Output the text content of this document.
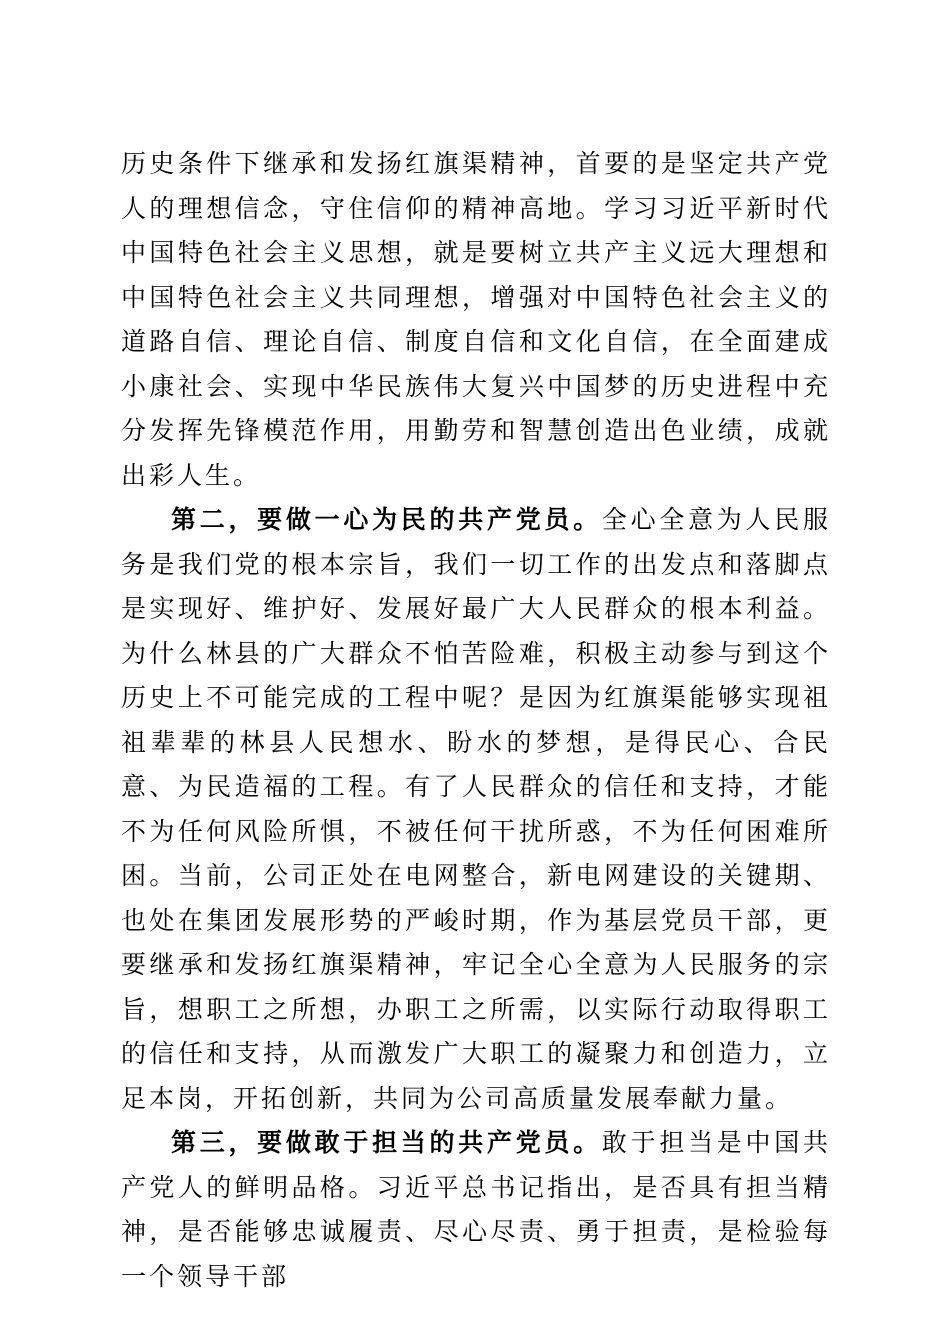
历史条件下继承和发扬红旗渠精神，首要的是坚定共产党人的理想信念，守住信仰的精神高地。学习习近平新时代中国特色社会主义思想，就是要树立共产主义远大理想和中国特色社会主义共同理想，增强对中国特色社会主义的道路自信、理论自信、制度自信和文化自信，在全面建成小康社会、实现中华民族伟大复兴中国梦的历史进程中充分发挥先锋模范作用，用勤劳和智慧创造出色业绩，成就出彩人生。

第二，要做一心为民的共产党员。全心全意为人民服务是我们党的根本宗旨，我们一切工作的出发点和落脚点是实现好、维护好、发展好最广大人民群众的根本利益。为什么林县的广大群众不怕苦险难，积极主动参与到这个历史上不可能完成的工程中呢？是因为红旗渠能够实现祖祖辈辈的林县人民想水、盼水的梦想，是得民心、合民意、为民造福的工程。有了人民群众的信任和支持，才能不为任何风险所惧，不被任何干扰所惑，不为任何困难所困。当前，公司正处在电网整合，新电网建设的关键期、也处在集团发展形势的严峻时期，作为基层党员干部，更要继承和发扬红旗渠精神，牢记全心全意为人民服务的宗旨，想职工之所想，办职工之所需，以实际行动取得职工的信任和支持，从而激发广大职工的凝聚力和创造力，立足本岗，开拓创新，共同为公司高质量发展奉献力量。

第三，要做敢于担当的共产党员。敢于担当是中国共产党人的鲜明品格。习近平总书记指出，是否具有担当精神，是否能够忠诚履责、尽心尽责、勇于担责，是检验每一个领导干部
